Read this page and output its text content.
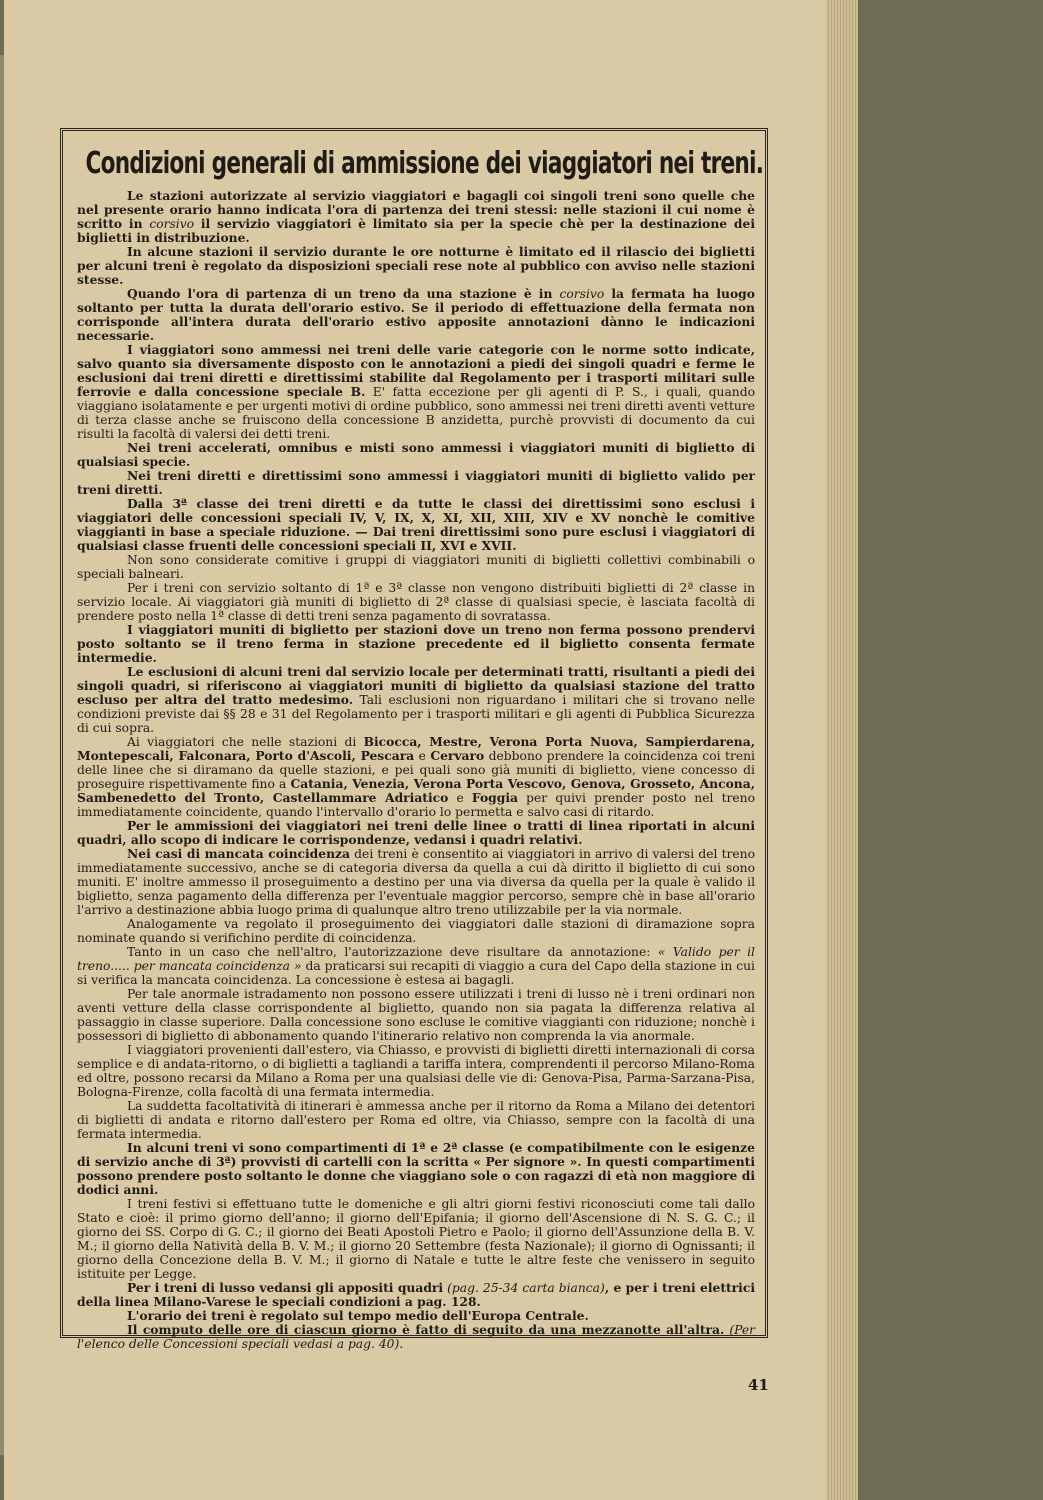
Condizioni generali di ammissione dei viaggiatori nei treni.

Le stazioni autorizzate al servizio viaggiatori e bagagli coi singoli treni sono quelle che nel presente orario hanno indicata l'ora di partenza dei treni stessi: nelle stazioni il cui nome è scritto in corsivo il servizio viaggiatori è limitato sia per la specie chè per la destinazione dei biglietti in distribuzione.

In alcune stazioni il servizio durante le ore notturne è limitato ed il rilascio dei biglietti per alcuni treni è regolato da disposizioni speciali rese note al pubblico con avviso nelle stazioni stesse.

Quando l'ora di partenza di un treno da una stazione è in corsivo la fermata ha luogo soltanto per tutta la durata dell'orario estivo. Se il periodo di effettuazione della fermata non corrisponde all'intera durata dell'orario estivo apposite annotazioni dànno le indicazioni necessarie.

I viaggiatori sono ammessi nei treni delle varie categorie con le norme sotto indicate, salvo quanto sia diversamente disposto con le annotazioni a piedi dei singoli quadri e ferme le esclusioni dai treni diretti e direttissimi stabilite dal Regolamento per i trasporti militari sulle ferrovie e dalla concessione speciale B. E' fatta eccezione per gli agenti di P. S., i quali, quando viaggiano isolatamente e per urgenti motivi di ordine pubblico, sono ammessi nei treni diretti aventi vetture di terza classe anche se fruiscono della concessione B anzidetta, purchè provvisti di documento da cui risulti la facoltà di valersi dei detti treni.

Nei treni accelerati, omnibus e misti sono ammessi i viaggiatori muniti di biglietto di qualsiasi specie.

Nei treni diretti e direttissimi sono ammessi i viaggiatori muniti di biglietto valido per treni diretti.

Dalla 3ª classe dei treni diretti e da tutte le classi dei direttissimi sono esclusi i viaggiatori delle concessioni speciali IV, V, IX, X, XI, XII, XIII, XIV e XV nonchè le comitive viaggianti in base a speciale riduzione. — Dai treni direttissimi sono pure esclusi i viaggiatori di qualsiasi classe fruenti delle concessioni speciali II, XVI e XVII.

Non sono considerate comitive i gruppi di viaggiatori muniti di biglietti collettivi combinabili o speciali balneari.

Per i treni con servizio soltanto di 1ª e 3ª classe non vengono distribuiti biglietti di 2ª classe in servizio locale. Ai viaggiatori già muniti di biglietto di 2ª classe di qualsiasi specie, è lasciata facoltà di prendere posto nella 1ª classe di detti treni senza pagamento di sovratassa.

I viaggiatori muniti di biglietto per stazioni dove un treno non ferma possono prendervi posto soltanto se il treno ferma in stazione precedente ed il biglietto consenta fermate intermedie.

Le esclusioni di alcuni treni dal servizio locale per determinati tratti, risultanti a piedi dei singoli quadri, si riferiscono ai viaggiatori muniti di biglietto da qualsiasi stazione del tratto escluso per altra del tratto medesimo. Tali esclusioni non riguardano i militari che si trovano nelle condizioni previste dai §§ 28 e 31 del Regolamento per i trasporti militari e gli agenti di Pubblica Sicurezza di cui sopra.

Ai viaggiatori che nelle stazioni di Bicocca, Mestre, Verona Porta Nuova, Sampierdarena, Montepescali, Falconara, Porto d'Ascoli, Pescara e Cervaro debbono prendere la coincidenza coi treni delle linee che si diramano da quelle stazioni, e pei quali sono già muniti di biglietto, viene concesso di proseguire rispettivamente fino a Catania, Venezia, Verona Porta Vescovo, Genova, Grosseto, Ancona, Sambenedetto del Tronto, Castellammare Adriatico e Foggia per quivi prender posto nel treno immediatamente coincidente, quando l'intervallo d'orario lo permetta e salvo casi di ritardo.

Per le ammissioni dei viaggiatori nei treni delle linee o tratti di linea riportati in alcuni quadri, allo scopo di indicare le corrispondenze, vedansi i quadri relativi.

Nei casi di mancata coincidenza dei treni è consentito ai viaggiatori in arrivo di valersi del treno immediatamente successivo, anche se di categoria diversa da quella a cui dà diritto il biglietto di cui sono muniti. E' inoltre ammesso il proseguimento a destino per una via diversa da quella per la quale è valido il biglietto, senza pagamento della differenza per l'eventuale maggior percorso, sempre chè in base all'orario l'arrivo a destinazione abbia luogo prima di qualunque altro treno utilizzabile per la via normale.

Analogamente va regolato il proseguimento dei viaggiatori dalle stazioni di diramazione sopra nominate quando si verifichino perdite di coincidenza.

Tanto in un caso che nell'altro, l'autorizzazione deve risultare da annotazione: « Valido per il treno..... per mancata coincidenza » da praticarsi sui recapiti di viaggio a cura del Capo della stazione in cui si verifica la mancata coincidenza. La concessione è estesa ai bagagli.

Per tale anormale istradamento non possono essere utilizzati i treni di lusso nè i treni ordinari non aventi vetture della classe corrispondente al biglietto, quando non sia pagata la differenza relativa al passaggio in classe superiore. Dalla concessione sono escluse le comitive viaggianti con riduzione; nonchè i possessori di biglietto di abbonamento quando l'itinerario relativo non comprenda la via anormale.

I viaggiatori provenienti dall'estero, via Chiasso, e provvisti di biglietti diretti internazionali di corsa semplice e di andata-ritorno, o di biglietti a tagliandi a tariffa intera, comprendenti il percorso Milano-Roma ed oltre, possono recarsi da Milano a Roma per una qualsiasi delle vie di: Genova-Pisa, Parma-Sarzana-Pisa, Bologna-Firenze, colla facoltà di una fermata intermedia.

La suddetta facoltatività di itinerari è ammessa anche per il ritorno da Roma a Milano dei detentori di biglietti di andata e ritorno dall'estero per Roma ed oltre, via Chiasso, sempre con la facoltà di una fermata intermedia.

In alcuni treni vi sono compartimenti di 1ª e 2ª classe (e compatibilmente con le esigenze di servizio anche di 3ª) provvisti di cartelli con la scritta « Per signore ». In questi compartimenti possono prendere posto soltanto le donne che viaggiano sole o con ragazzi di età non maggiore di dodici anni.

I treni festivi si effettuano tutte le domeniche e gli altri giorni festivi riconosciuti come tali dallo Stato e cioè: il primo giorno dell'anno; il giorno dell'Epifania; il giorno dell'Ascensione di N. S. G. C.; il giorno dei SS. Corpo di G. C.; il giorno dei Beati Apostoli Pietro e Paolo; il giorno dell'Assunzione della B. V. M.; il giorno della Natività della B. V. M.; il giorno 20 Settembre (festa Nazionale); il giorno di Ognissanti; il giorno della Concezione della B. V. M.; il giorno di Natale e tutte le altre feste che venissero in seguito istituite per Legge.

Per i treni di lusso vedansi gli appositi quadri (pag. 25-34 carta bianca), e per i treni elettrici della linea Milano-Varese le speciali condizioni a pag. 128.

L'orario dei treni è regolato sul tempo medio dell'Europa Centrale.

Il computo delle ore di ciascun giorno è fatto di seguito da una mezzanotte all'altra. (Per l'elenco delle Concessioni speciali vedasi a pag. 40).

41
